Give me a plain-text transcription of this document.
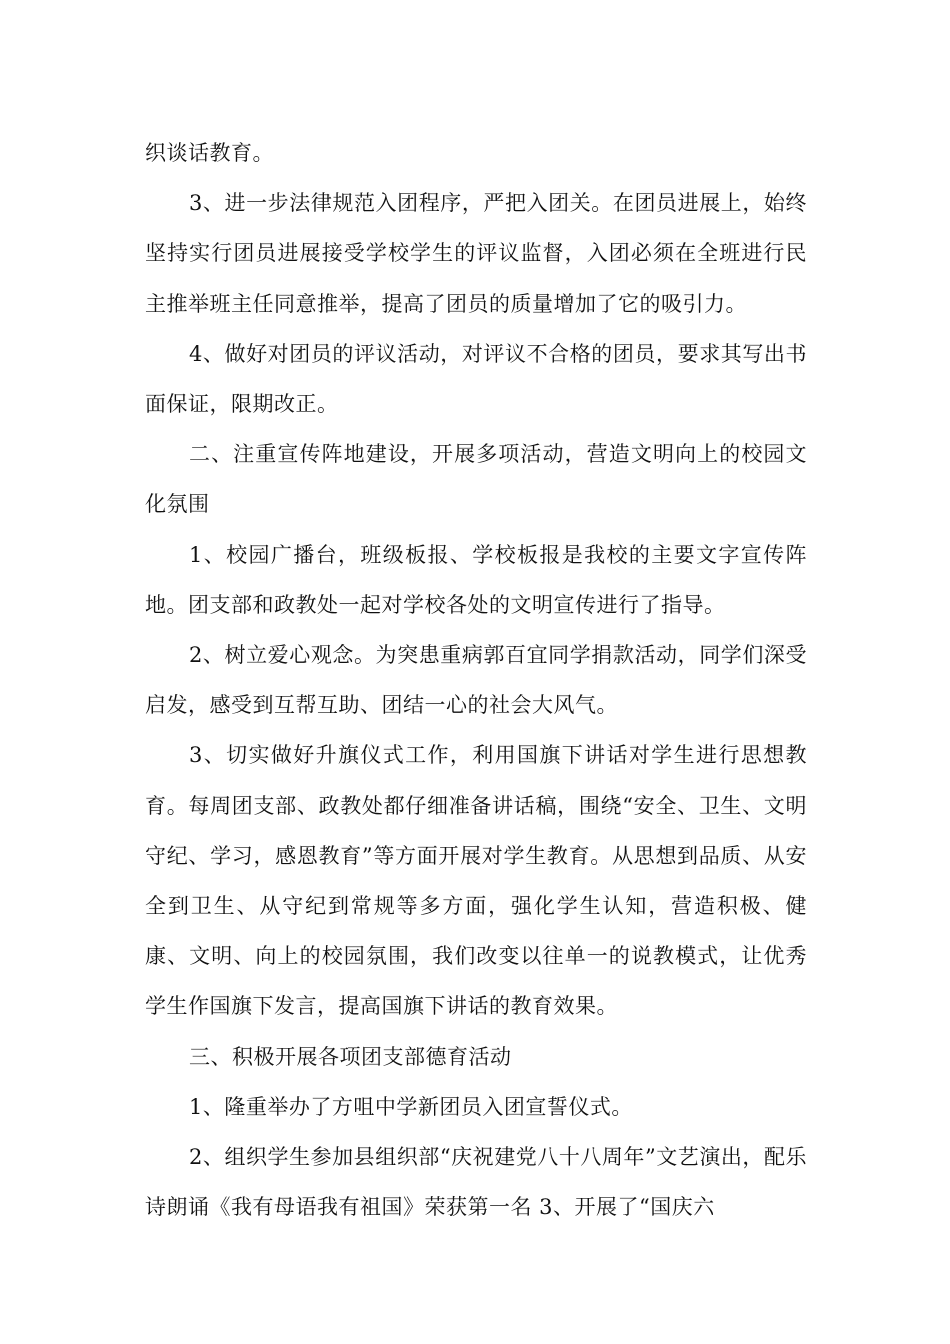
织谈话教育。

3、进一步法律规范入团程序，严把入团关。在团员进展上，始终坚持实行团员进展接受学校学生的评议监督，入团必须在全班进行民主推举班主任同意推举，提高了团员的质量增加了它的吸引力。

4、做好对团员的评议活动，对评议不合格的团员，要求其写出书面保证，限期改正。

二、注重宣传阵地建设，开展多项活动，营造文明向上的校园文化氛围

1、校园广播台，班级板报、学校板报是我校的主要文字宣传阵地。团支部和政教处一起对学校各处的文明宣传进行了指导。

2、树立爱心观念。为突患重病郭百宜同学捐款活动，同学们深受启发，感受到互帮互助、团结一心的社会大风气。

3、切实做好升旗仪式工作，利用国旗下讲话对学生进行思想教育。每周团支部、政教处都仔细准备讲话稿，围绕“安全、卫生、文明守纪、学习，感恩教育”等方面开展对学生教育。从思想到品质、从安全到卫生、从守纪到常规等多方面，强化学生认知，营造积极、健康、文明、向上的校园氛围，我们改变以往单一的说教模式，让优秀学生作国旗下发言，提高国旗下讲话的教育效果。

三、积极开展各项团支部德育活动

1、隆重举办了方咀中学新团员入团宣誓仪式。

2、组织学生参加县组织部“庆祝建党八十八周年”文艺演出，配乐诗朗诵《我有母语我有祖国》荣获第一名 3、开展了“国庆六
